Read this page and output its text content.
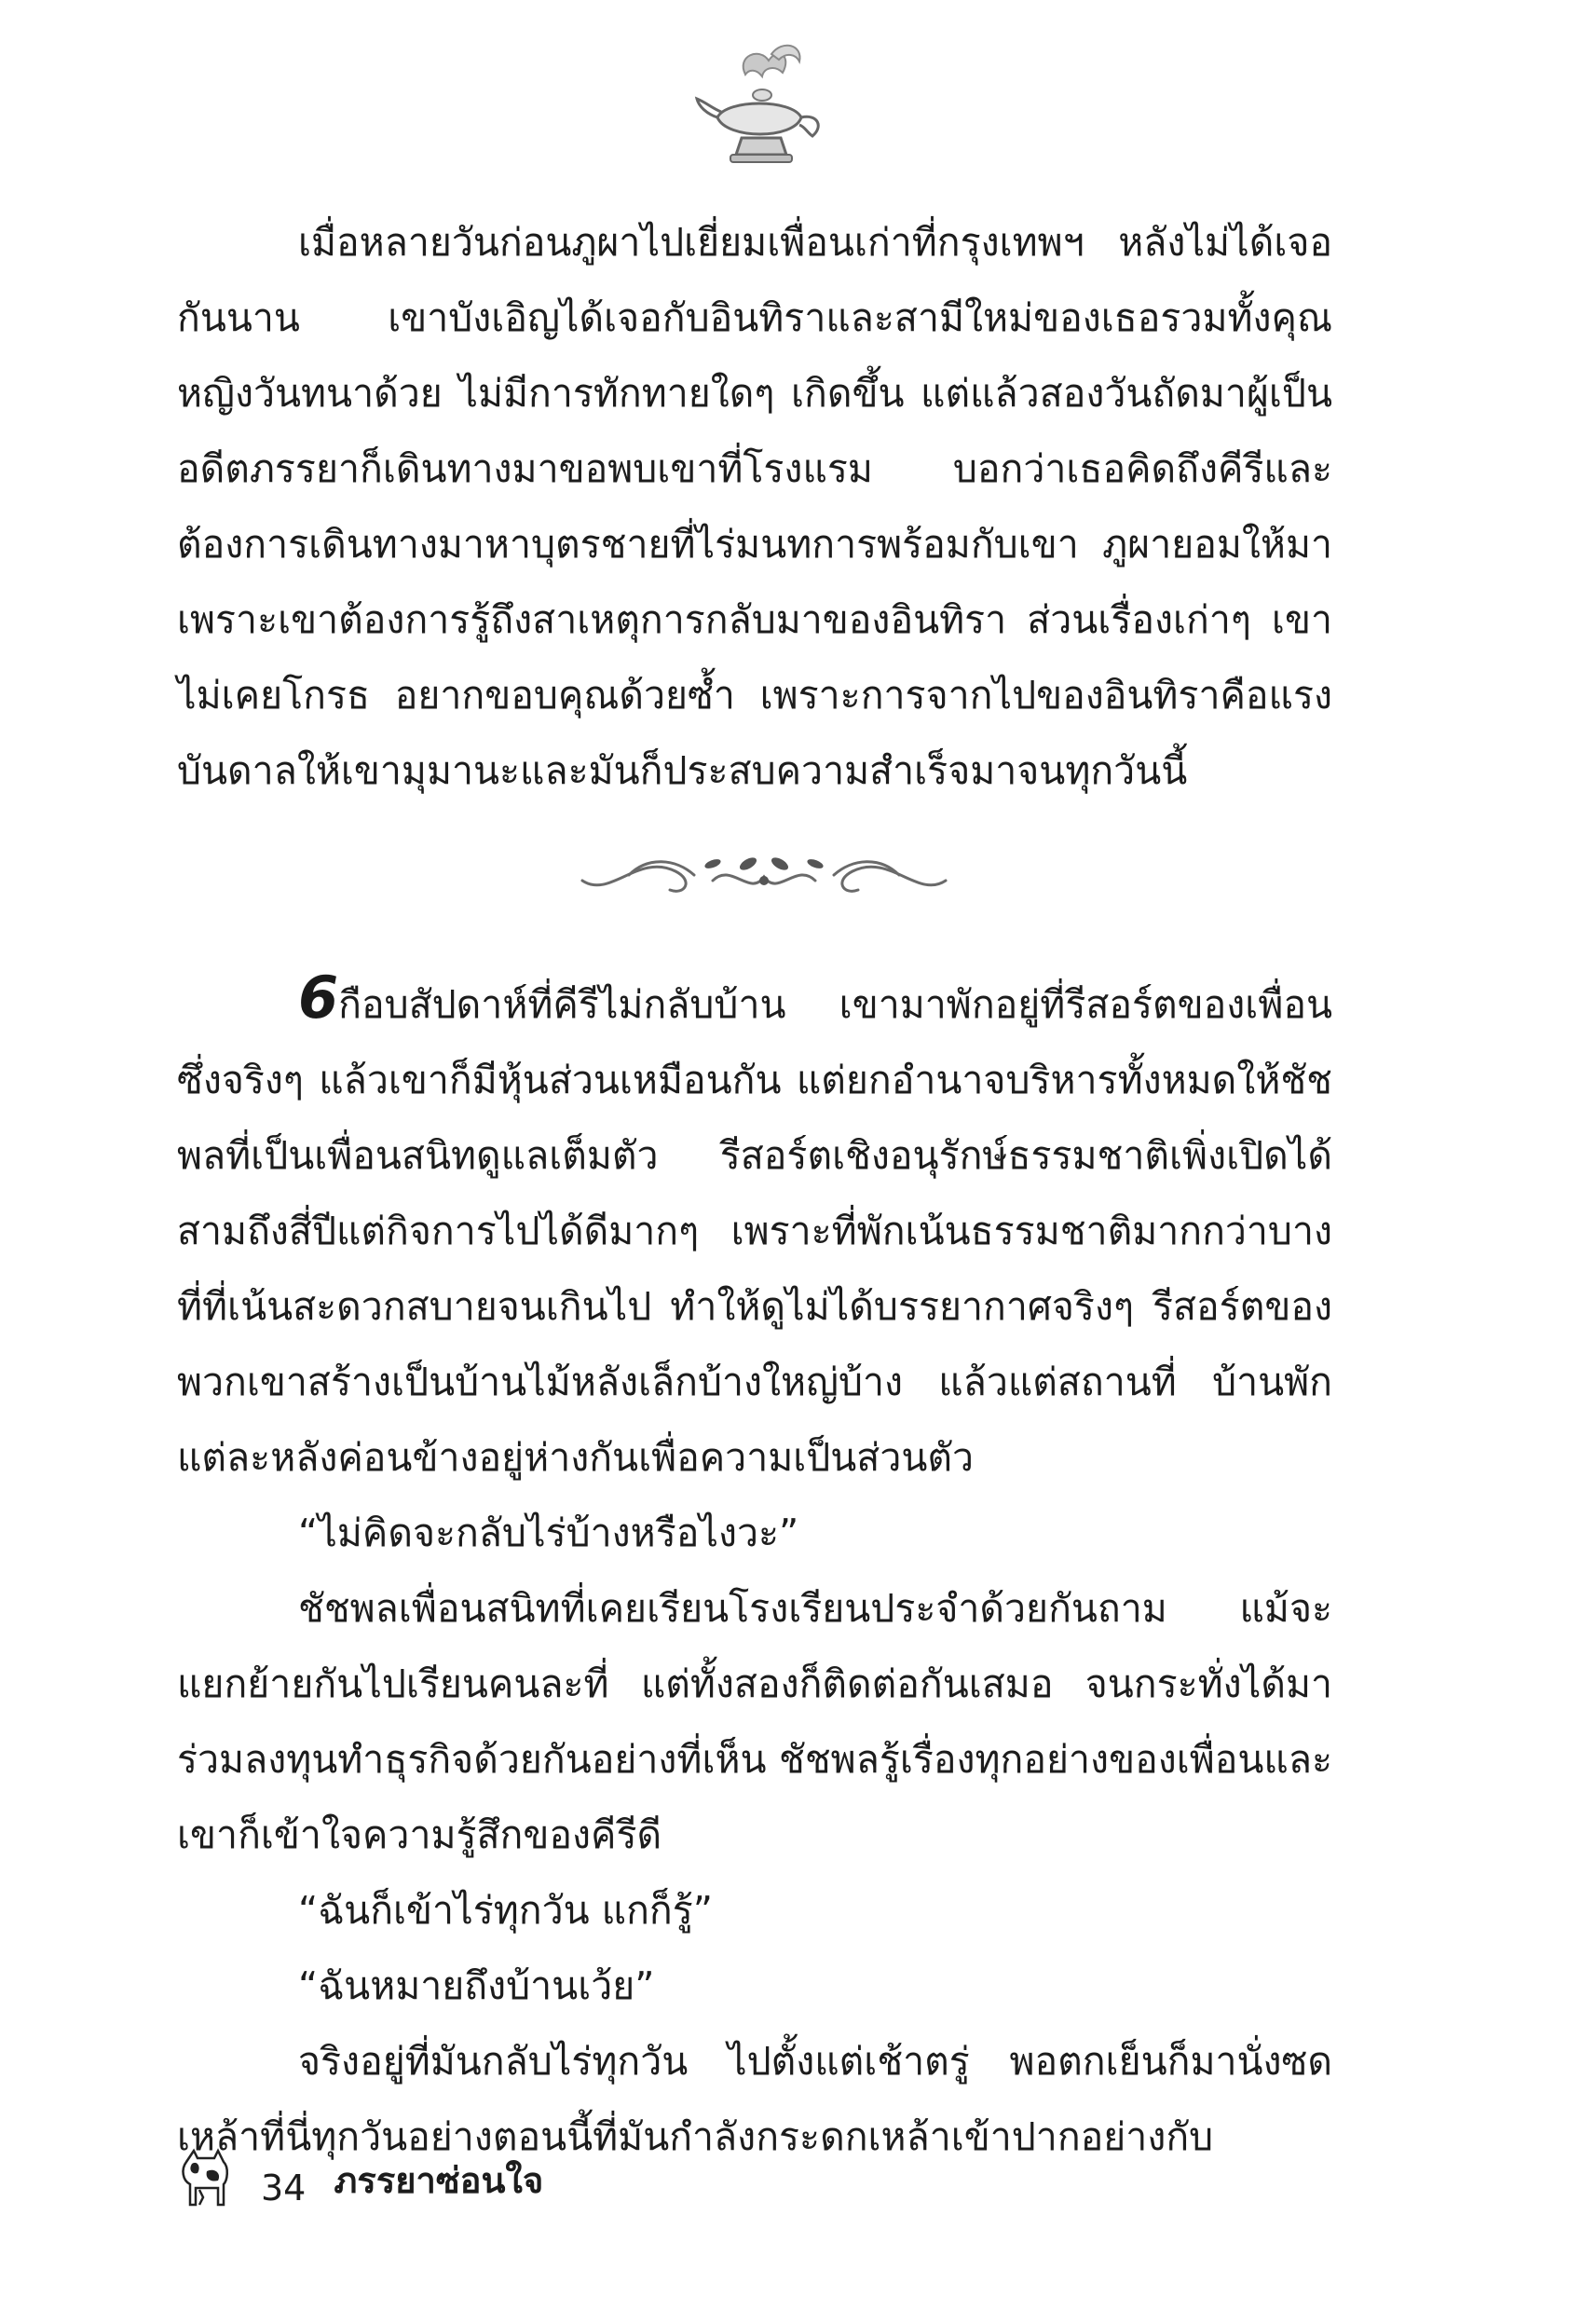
เมื่อหลายวันก่อนภูผาไปเยี่ยมเพื่อนเก่าที่กรุงเทพฯ หลังไม่ได้เจอกันนาน เขาบังเอิญได้เจอกับอินทิราและสามีใหม่ของเธอรวมทั้งคุณหญิงวันทนาด้วย ไม่มีการทักทายใดๆ เกิดขึ้น แต่แล้วสองวันถัดมาผู้เป็นอดีตภรรยาก็เดินทางมาขอพบเขาที่โรงแรม บอกว่าเธอคิดถึงคีรีและต้องการเดินทางมาหาบุตรชายที่ไร่มนทการพร้อมกับเขา ภูผายอมให้มาเพราะเขาต้องการรู้ถึงสาเหตุการกลับมาของอินทิรา ส่วนเรื่องเก่าๆ เขาไม่เคยโกรธ อยากขอบคุณด้วยซ้ำ เพราะการจากไปของอินทิราคือแรงบันดาลให้เขามุมานะและมันก็ประสบความสำเร็จมาจนทุกวันนี้

6กือบสัปดาห์ที่คีรีไม่กลับบ้าน เขามาพักอยู่ที่รีสอร์ตของเพื่อนซึ่งจริงๆ แล้วเขาก็มีหุ้นส่วนเหมือนกัน แต่ยกอำนาจบริหารทั้งหมดให้ชัชพลที่เป็นเพื่อนสนิทดูแลเต็มตัว รีสอร์ตเชิงอนุรักษ์ธรรมชาติเพิ่งเปิดได้สามถึงสี่ปีแต่กิจการไปได้ดีมากๆ เพราะที่พักเน้นธรรมชาติมากกว่าบางที่ที่เน้นสะดวกสบายจนเกินไป ทำให้ดูไม่ได้บรรยากาศจริงๆ รีสอร์ตของพวกเขาสร้างเป็นบ้านไม้หลังเล็กบ้างใหญ่บ้าง แล้วแต่สถานที่ บ้านพักแต่ละหลังค่อนข้างอยู่ห่างกันเพื่อความเป็นส่วนตัว

“ไม่คิดจะกลับไร่บ้างหรือไงวะ”

ชัชพลเพื่อนสนิทที่เคยเรียนโรงเรียนประจำด้วยกันถาม แม้จะแยกย้ายกันไปเรียนคนละที่ แต่ทั้งสองก็ติดต่อกันเสมอ จนกระทั่งได้มาร่วมลงทุนทำธุรกิจด้วยกันอย่างที่เห็น ชัชพลรู้เรื่องทุกอย่างของเพื่อนและเขาก็เข้าใจความรู้สึกของคีรีดี

“ฉันก็เข้าไร่ทุกวัน แกก็รู้”

“ฉันหมายถึงบ้านเว้ย”

จริงอยู่ที่มันกลับไร่ทุกวัน ไปตั้งแต่เช้าตรู่ พอตกเย็นก็มานั่งซดเหล้าที่นี่ทุกวันอย่างตอนนี้ที่มันกำลังกระดกเหล้าเข้าปากอย่างกับ

34 ภรรยาซ่อนใจ
